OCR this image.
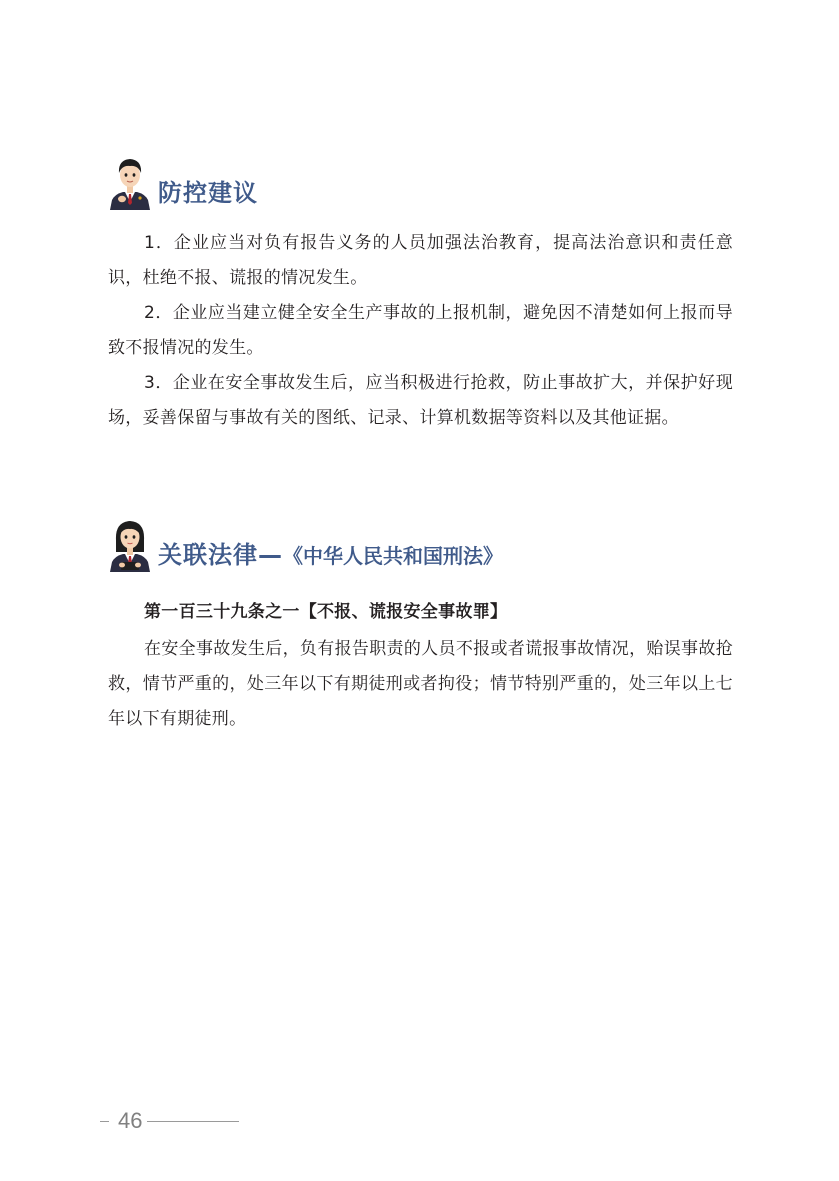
防控建议

1．企业应当对负有报告义务的人员加强法治教育，提高法治意识和责任意识，杜绝不报、谎报的情况发生。

2．企业应当建立健全安全生产事故的上报机制，避免因不清楚如何上报而导致不报情况的发生。

3．企业在安全事故发生后，应当积极进行抢救，防止事故扩大，并保护好现场，妥善保留与事故有关的图纸、记录、计算机数据等资料以及其他证据。

关联法律—《中华人民共和国刑法》
第一百三十九条之一【不报、谎报安全事故罪】

在安全事故发生后，负有报告职责的人员不报或者谎报事故情况，贻误事故抢救，情节严重的，处三年以下有期徒刑或者拘役；情节特别严重的，处三年以上七年以下有期徒刑。

46
